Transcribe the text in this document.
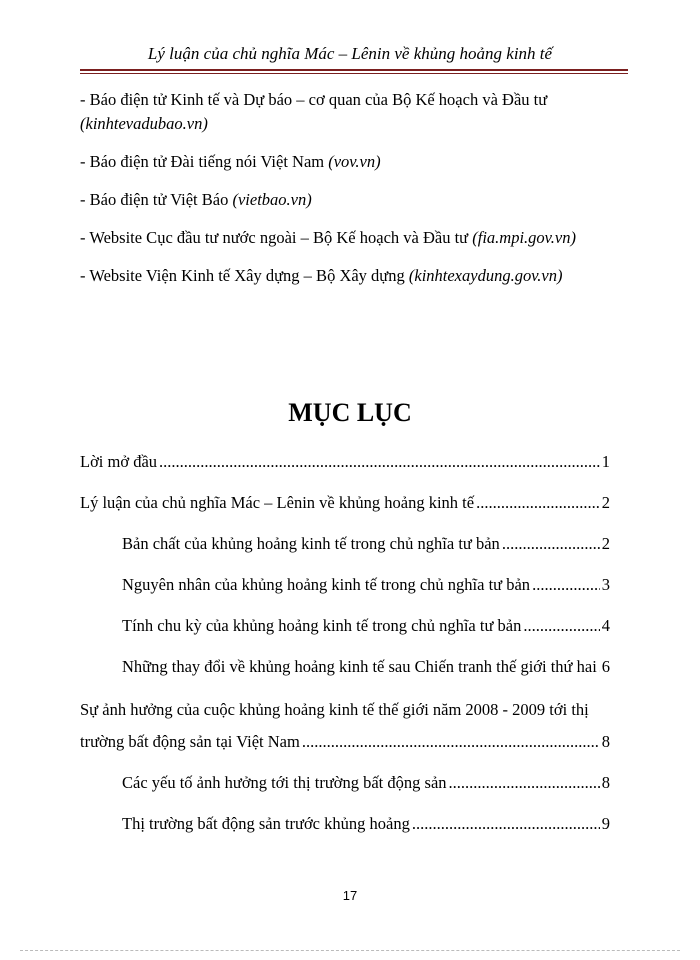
Lý luận của chủ nghĩa Mác – Lênin về khủng hoảng kinh tế
- Báo điện tử Kinh tế và Dự báo – cơ quan của Bộ Kế hoạch và Đầu tư
(kinhtevadubao.vn)
- Báo điện tử Đài tiếng nói Việt Nam (vov.vn)
- Báo điện tử Việt Báo (vietbao.vn)
- Website Cục đầu tư nước ngoài – Bộ Kế hoạch và Đầu tư (fia.mpi.gov.vn)
- Website Viện Kinh tế Xây dựng – Bộ Xây dựng (kinhtexaydung.gov.vn)
MỤC LỤC
Lời mở đầu .....	1
Lý luận của chủ nghĩa Mác – Lênin về khủng hoảng kinh tế .....	2
Bản chất của khủng hoảng kinh tế trong chủ nghĩa tư bản .....	2
Nguyên nhân của khủng hoảng kinh tế trong chủ nghĩa tư bản .....	3
Tính chu kỳ của khủng hoảng kinh tế trong chủ nghĩa tư bản .....	4
Những thay đổi về khủng hoảng kinh tế sau Chiến tranh thế giới thứ hai ..... 6
Sự ảnh hưởng của cuộc khủng hoảng kinh tế thế giới năm 2008 - 2009 tới thị
trường bất động sản tại Việt Nam .....	8
Các yếu tố ảnh hưởng tới thị trường bất động sản .....	8
Thị trường bất động sản trước khủng hoảng .....	9
17
